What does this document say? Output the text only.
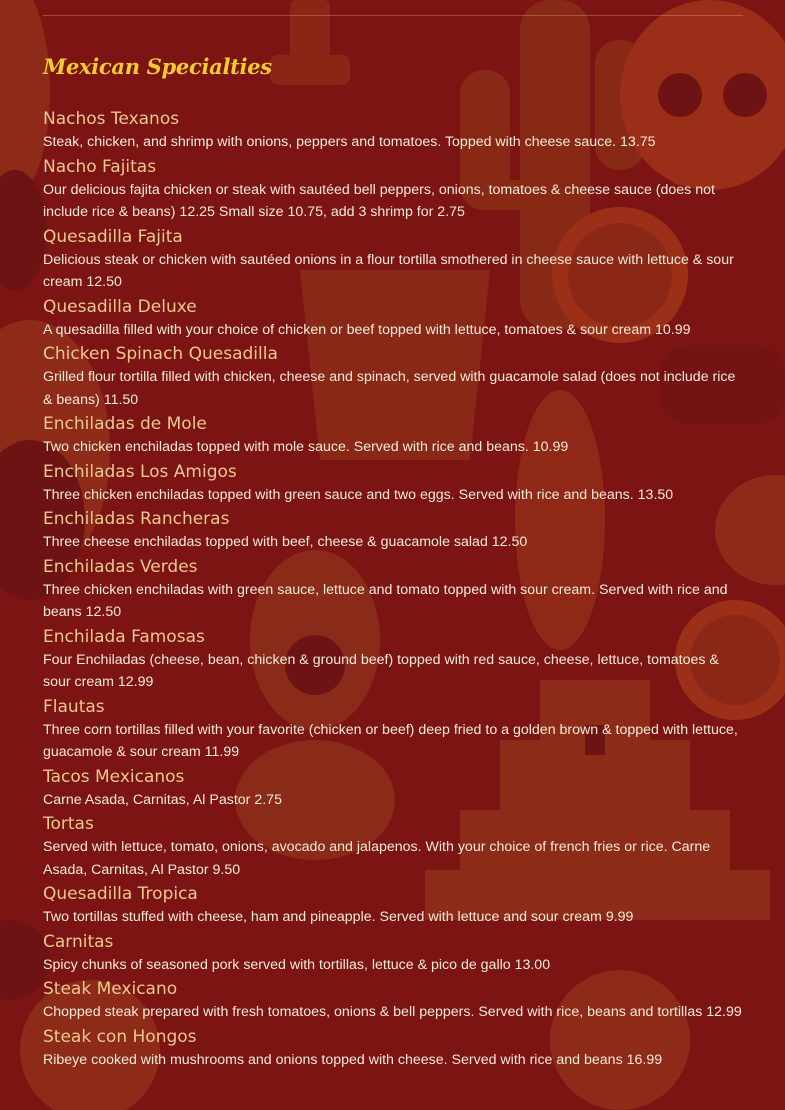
Mexican Specialties
Nachos Texanos
Steak, chicken, and shrimp with onions, peppers and tomatoes. Topped with cheese sauce. 13.75
Nacho Fajitas
Our delicious fajita chicken or steak with sautéed bell peppers, onions, tomatoes & cheese sauce (does not include rice & beans) 12.25 Small size 10.75, add 3 shrimp for 2.75
Quesadilla Fajita
Delicious steak or chicken with sautéed onions in a flour tortilla smothered in cheese sauce with lettuce & sour cream 12.50
Quesadilla Deluxe
A quesadilla filled with your choice of chicken or beef topped with lettuce, tomatoes & sour cream 10.99
Chicken Spinach Quesadilla
Grilled flour tortilla filled with chicken, cheese and spinach, served with guacamole salad (does not include rice & beans) 11.50
Enchiladas de Mole
Two chicken enchiladas topped with mole sauce. Served with rice and beans. 10.99
Enchiladas Los Amigos
Three chicken enchiladas topped with green sauce and two eggs. Served with rice and beans. 13.50
Enchiladas Rancheras
Three cheese enchiladas topped with beef, cheese & guacamole salad 12.50
Enchiladas Verdes
Three chicken enchiladas with green sauce, lettuce and tomato topped with sour cream. Served with rice and beans 12.50
Enchilada Famosas
Four Enchiladas (cheese, bean, chicken & ground beef) topped with red sauce, cheese, lettuce, tomatoes & sour cream 12.99
Flautas
Three corn tortillas filled with your favorite (chicken or beef) deep fried to a golden brown & topped with lettuce, guacamole & sour cream 11.99
Tacos Mexicanos
Carne Asada, Carnitas, Al Pastor 2.75
Tortas
Served with lettuce, tomato, onions, avocado and jalapenos. With your choice of french fries or rice. Carne Asada, Carnitas, Al Pastor 9.50
Quesadilla Tropica
Two tortillas stuffed with cheese, ham and pineapple. Served with lettuce and sour cream 9.99
Carnitas
Spicy chunks of seasoned pork served with tortillas, lettuce & pico de gallo 13.00
Steak Mexicano
Chopped steak prepared with fresh tomatoes, onions & bell peppers. Served with rice, beans and tortillas 12.99
Steak con Hongos
Ribeye cooked with mushrooms and onions topped with cheese. Served with rice and beans 16.99
